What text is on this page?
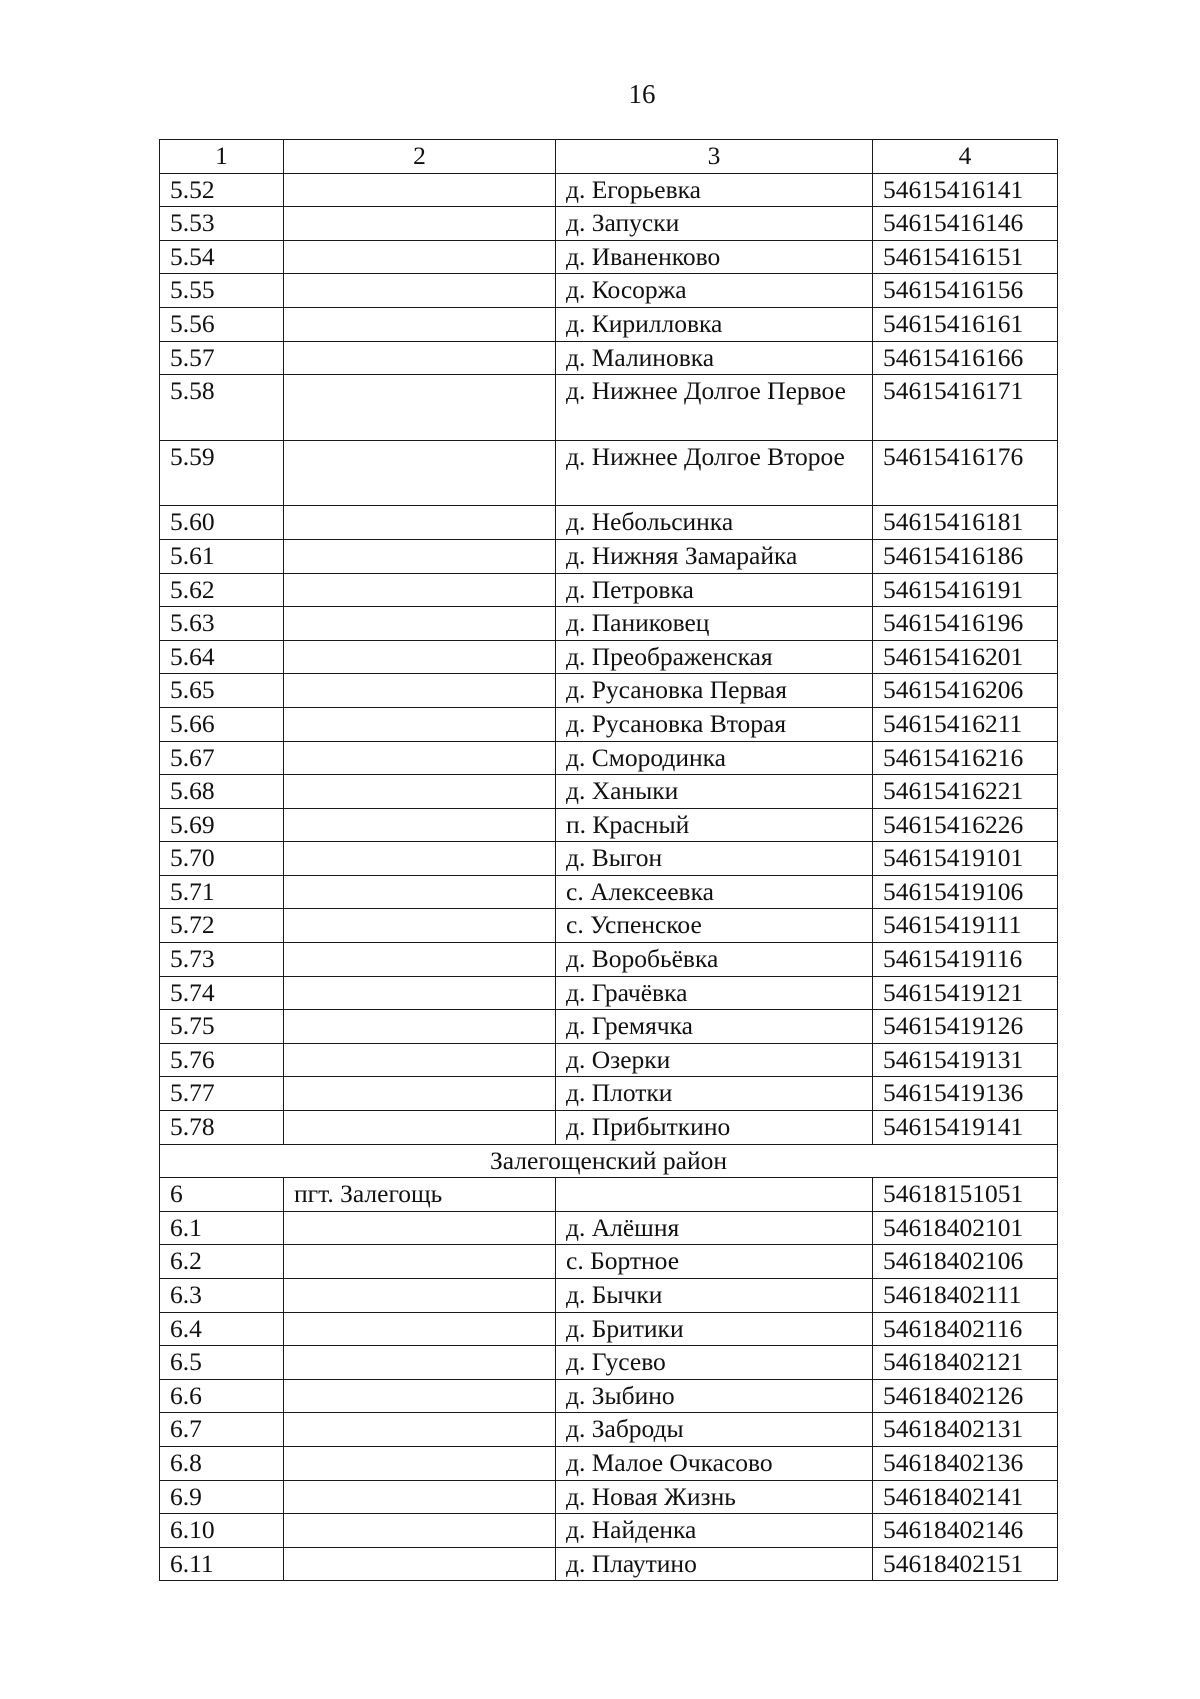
16
1	2	3	4
5.52		д. Егорьевка	54615416141
5.53		д. Запуски	54615416146
5.54		д. Иваненково	54615416151
5.55		д. Косоржа	54615416156
5.56		д. Кирилловка	54615416161
5.57		д. Малиновка	54615416166
5.58		д. Нижнее Долгое Первое	54615416171
5.59		д. Нижнее Долгое Второе	54615416176
5.60		д. Небольсинка	54615416181
5.61		д. Нижняя Замарайка	54615416186
5.62		д. Петровка	54615416191
5.63		д. Паниковец	54615416196
5.64		д. Преображенская	54615416201
5.65		д. Русановка Первая	54615416206
5.66		д. Русановка Вторая	54615416211
5.67		д. Смородинка	54615416216
5.68		д. Ханыки	54615416221
5.69		п. Красный	54615416226
5.70		д. Выгон	54615419101
5.71		с. Алексеевка	54615419106
5.72		с. Успенское	54615419111
5.73		д. Воробьёвка	54615419116
5.74		д. Грачёвка	54615419121
5.75		д. Гремячка	54615419126
5.76		д. Озерки	54615419131
5.77		д. Плотки	54615419136
5.78		д. Прибыткино	54615419141
Залегощенский район			
6	пгт. Залегощь		54618151051
6.1		д. Алёшня	54618402101
6.2		с. Бортное	54618402106
6.3		д. Бычки	54618402111
6.4		д. Бритики	54618402116
6.5		д. Гусево	54618402121
6.6		д. Зыбино	54618402126
6.7		д. Заброды	54618402131
6.8		д. Малое Очкасово	54618402136
6.9		д. Новая Жизнь	54618402141
6.10		д. Найденка	54618402146
6.11		д. Плаутино	54618402151
